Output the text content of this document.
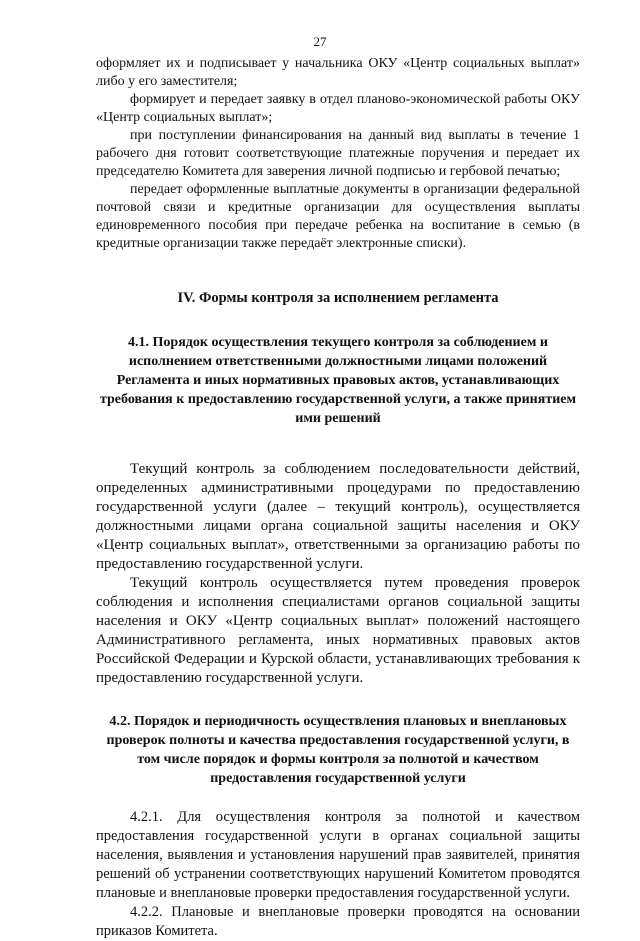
27

оформляет их и подписывает у начальника ОКУ «Центр социальных выплат» либо у его заместителя;

формирует и передает заявку в отдел планово-экономической работы ОКУ «Центр социальных выплат»;

при поступлении финансирования на данный вид выплаты в течение 1 рабочего дня готовит соответствующие платежные поручения и передает их председателю Комитета для заверения личной подписью и гербовой печатью;

передает оформленные выплатные документы в организации федеральной почтовой связи и кредитные организации для осуществления выплаты единовременного пособия при передаче ребенка на воспитание в семью (в кредитные организации также передаёт электронные списки).

IV. Формы контроля за исполнением регламента
4.1. Порядок осуществления текущего контроля за соблюдением и исполнением ответственными должностными лицами положений Регламента и иных нормативных правовых актов, устанавливающих требования к предоставлению государственной услуги, а также принятием ими решений

Текущий контроль за соблюдением последовательности действий, определенных административными процедурами по предоставлению государственной услуги (далее – текущий контроль), осуществляется должностными лицами органа социальной защиты населения и ОКУ «Центр социальных выплат», ответственными за организацию работы по предоставлению государственной услуги.

Текущий контроль осуществляется путем проведения проверок соблюдения и исполнения специалистами органов социальной защиты населения и ОКУ «Центр социальных выплат» положений настоящего Административного регламента, иных нормативных правовых актов Российской Федерации и Курской области, устанавливающих требования к предоставлению государственной услуги.

4.2. Порядок и периодичность осуществления плановых и внеплановых проверок полноты и качества предоставления государственной услуги, в том числе порядок и формы контроля за полнотой и качеством предоставления государственной услуги

4.2.1. Для осуществления контроля за полнотой и качеством предоставления государственной услуги в органах социальной защиты населения, выявления и установления нарушений прав заявителей, принятия решений об устранении соответствующих нарушений Комитетом проводятся плановые и внеплановые проверки предоставления государственной услуги.

4.2.2. Плановые и внеплановые проверки проводятся на основании приказов Комитета.
